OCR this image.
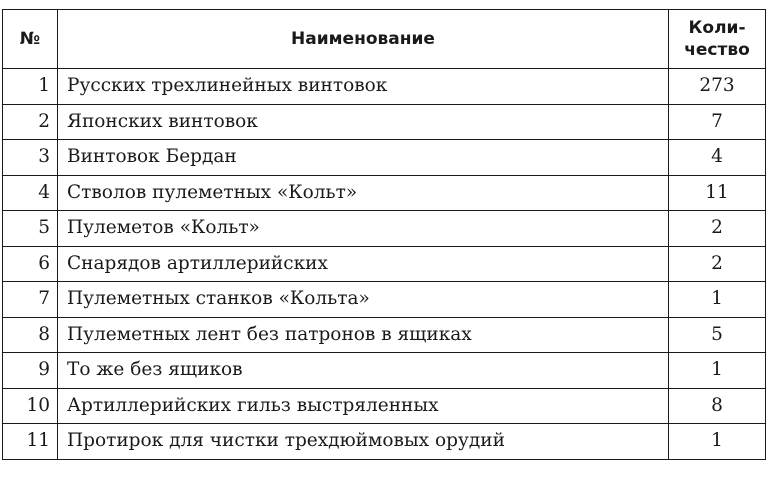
№	Наименование	Коли-
чество

1	Русских трехлинейных винтовок	273
2	Японских винтовок	7
3	Винтовок Бердан	4
4	Стволов пулеметных «Кольт»	11
5	Пулеметов «Кольт»	2
6	Снарядов артиллерийских	2
7	Пулеметных станков «Кольта»	1
8	Пулеметных лент без патронов в ящиках	5
9	То же без ящиков	1
10	Артиллерийских гильз выстряленных	8
11	Протирок для чистки трехдюймовых орудий	1
